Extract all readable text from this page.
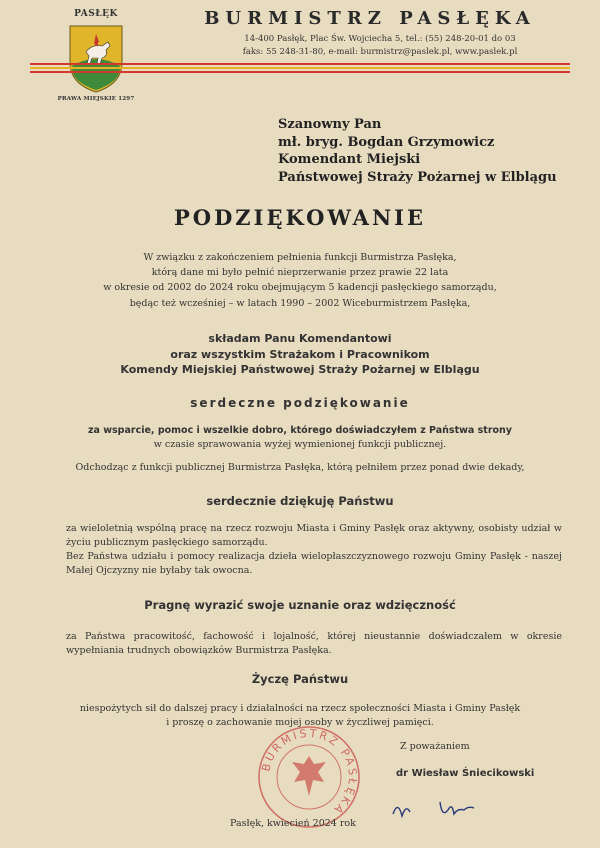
PASŁĘK
PRAWA MIEJSKIE 1297
BURMISTRZ PASŁĘKA
14-400 Pasłęk, Plac Św. Wojciecha 5, tel.: (55) 248-20-01 do 03
faks: 55 248-31-80, e-mail: burmistrz@paslek.pl, www.paslek.pl
Szanowny Pan
mł. bryg. Bogdan Grzymowicz
Komendant Miejski
Państwowej Straży Pożarnej w Elblągu
PODZIĘKOWANIE
W związku z zakończeniem pełnienia funkcji Burmistrza Pasłęka,
którą dane mi było pełnić nieprzerwanie przez prawie 22 lata
w okresie od 2002 do 2024 roku obejmującym 5 kadencji pasłęckiego samorządu,
będąc też wcześniej – w latach 1990 – 2002 Wiceburmistrzem Pasłęka,
składam Panu Komendantowi
oraz wszystkim Strażakom i Pracownikom
Komendy Miejskiej Państwowej Straży Pożarnej w Elblągu
serdeczne podziękowanie
za wsparcie, pomoc i wszelkie dobro, którego doświadczyłem z Państwa strony
w czasie sprawowania wyżej wymienionej funkcji publicznej.
Odchodząc z funkcji publicznej Burmistrza Pasłęka, którą pełniłem przez ponad dwie dekady,
serdecznie dziękuję Państwu
za wieloletnią wspólną pracę na rzecz rozwoju Miasta i Gminy Pasłęk oraz aktywny, osobisty udział w życiu publicznym pasłęckiego samorządu.
Bez Państwa udziału i pomocy realizacja dzieła wielopłaszczyznowego rozwoju Gminy Pasłęk - naszej Małej Ojczyzny nie byłaby tak owocna.
Pragnę wyrazić swoje uznanie oraz wdzięczność
za Państwa pracowitość, fachowość i lojalność, której nieustannie doświadczałem w okresie wypełniania trudnych obowiązków Burmistrza Pasłęka.
Życzę Państwu
niespożytych sił do dalszej pracy i działalności na rzecz społeczności Miasta i Gminy Pasłęk
i proszę o zachowanie mojej osoby w życzliwej pamięci.
BURMISTRZ PASŁĘKA
Z poważaniem
dr Wiesław Śniecikowski
Pasłęk, kwiecień 2024 rok
